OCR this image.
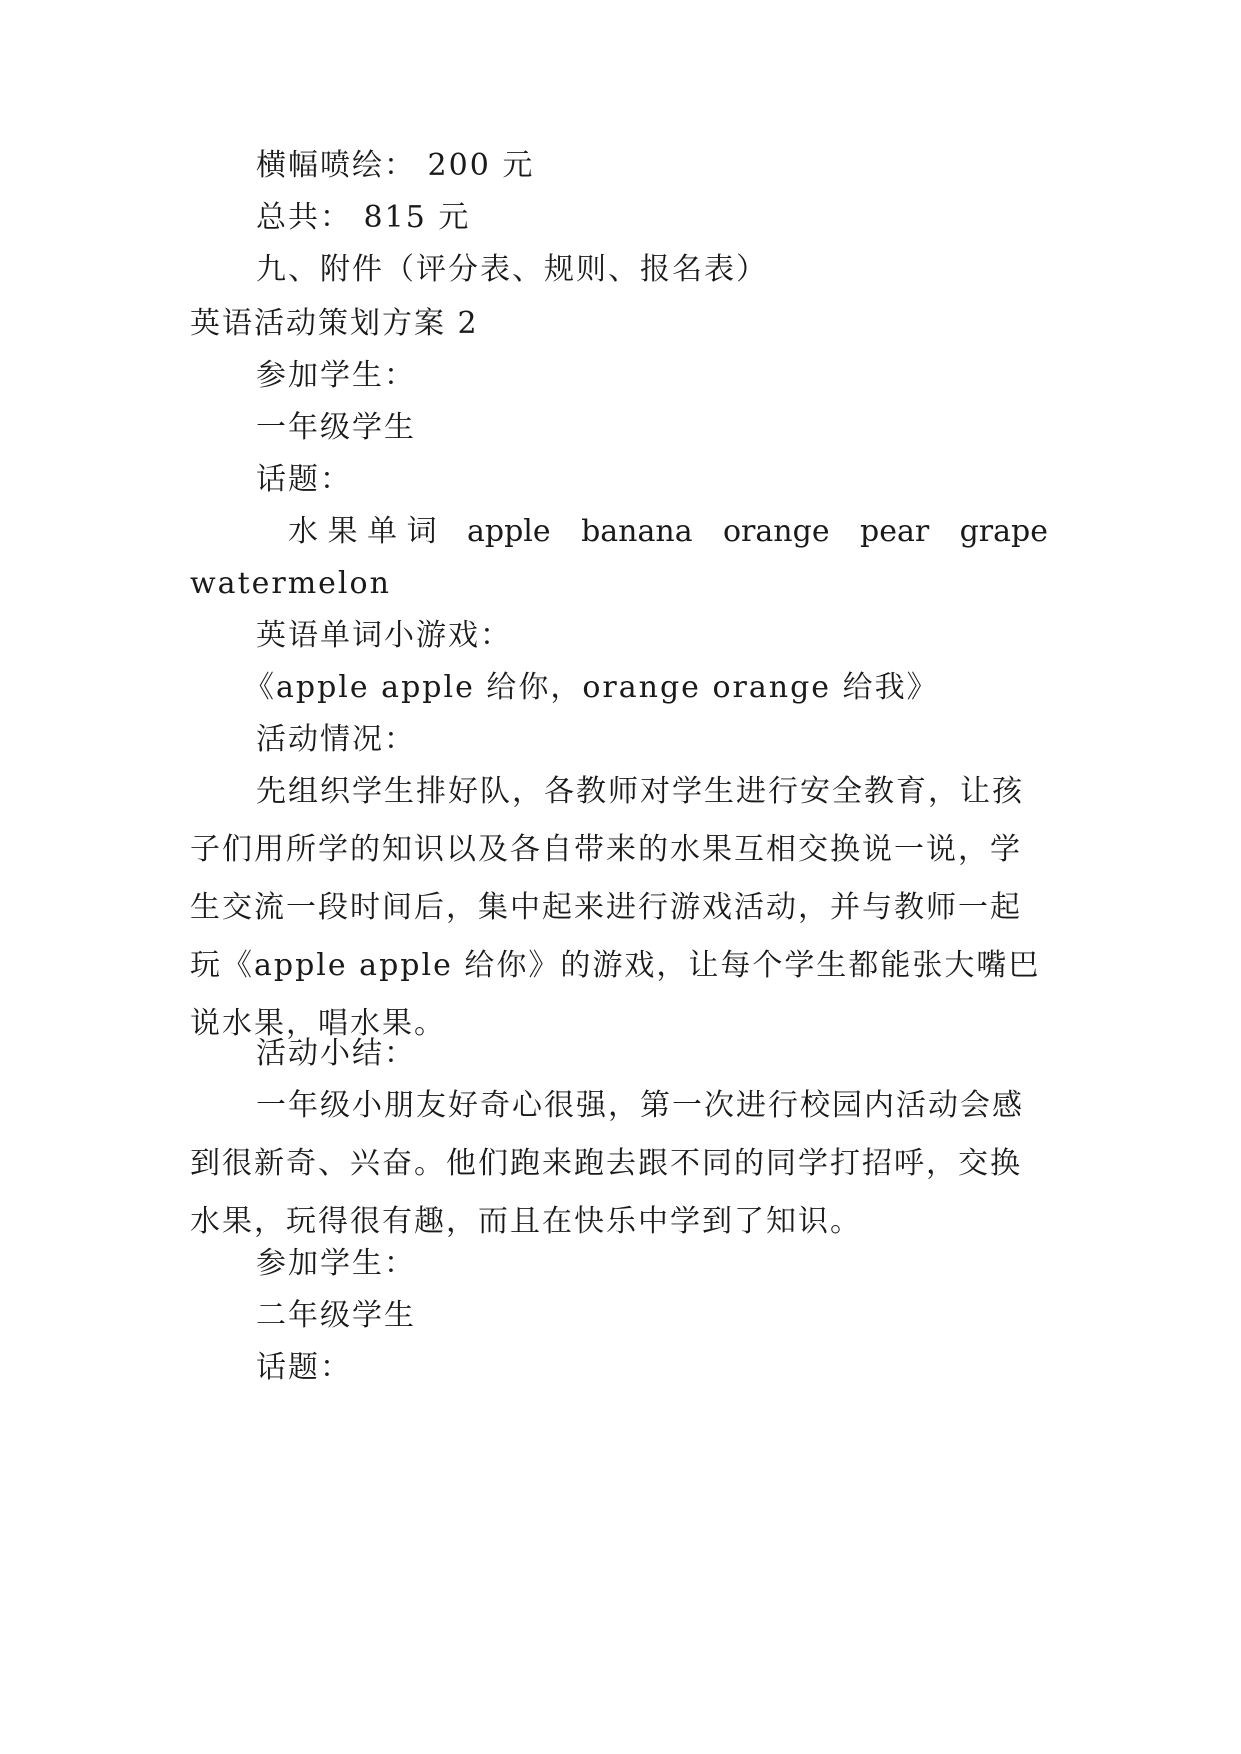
横幅喷绘： 200 元
总共： 815 元
九、附件（评分表、规则、报名表）
英语活动策划方案 2
参加学生：
一年级学生
话题：
水 果 单 词 apple banana orange pear grape
watermelon
英语单词小游戏：
《apple apple 给你，orange orange 给我》
活动情况：
先组织学生排好队，各教师对学生进行安全教育，让孩子们用所学的知识以及各自带来的水果互相交换说一说，学生交流一段时间后，集中起来进行游戏活动，并与教师一起玩《apple apple 给你》的游戏，让每个学生都能张大嘴巴说水果，唱水果。
活动小结：
一年级小朋友好奇心很强，第一次进行校园内活动会感到很新奇、兴奋。他们跑来跑去跟不同的同学打招呼，交换水果，玩得很有趣，而且在快乐中学到了知识。
参加学生：
二年级学生
话题：
